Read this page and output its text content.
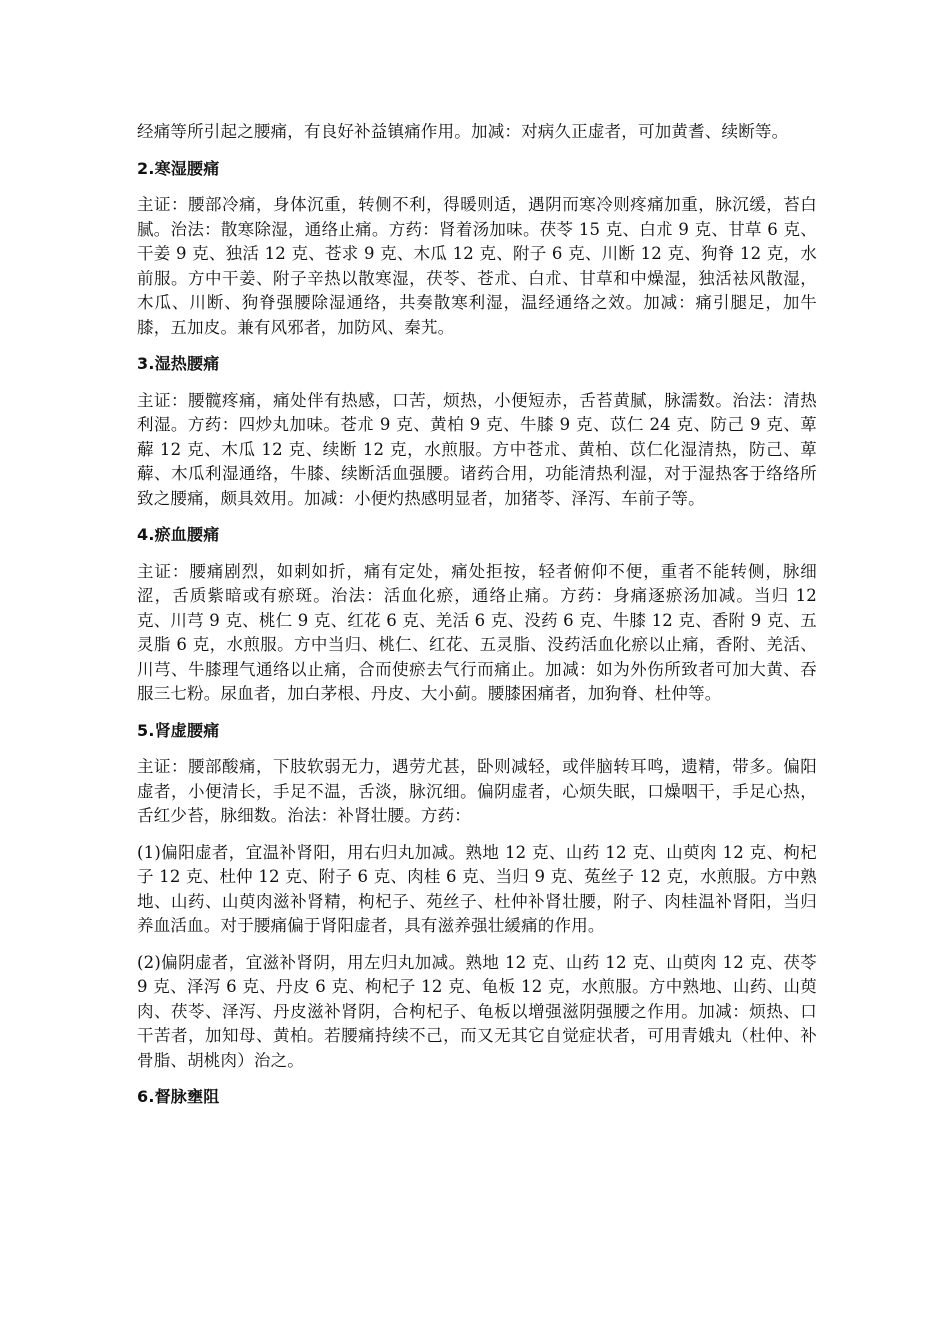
经痛等所引起之腰痛，有良好补益镇痛作用。加减：对病久正虚者，可加黄耆、续断等。

2.寒湿腰痛

主证：腰部冷痛，身体沉重，转侧不利，得暖则适，遇阴而寒冷则疼痛加重，脉沉缓，苔白腻。治法：散寒除湿，通络止痛。方药：肾着汤加味。茯苓 15 克、白朮 9 克、甘草 6 克、干姜 9 克、独活 12 克、苍求 9 克、木瓜 12 克、附子 6 克、川断 12 克、狗脊 12 克，水前服。方中干姜、附子辛热以散寒湿，茯苓、苍朮、白朮、甘草和中燥湿，独活袪风散湿，木瓜、川断、狗脊强腰除湿通络，共奏散寒利湿，温经通络之效。加减：痛引腿足，加牛膝，五加皮。兼有风邪者，加防风、秦艽。

3.湿热腰痛

主证：腰髋疼痛，痛处伴有热感，口苦，烦热，小便短赤，舌苔黄腻，脉濡数。治法：清热利湿。方药：四炒丸加味。苍朮 9 克、黄柏 9 克、牛膝 9 克、苡仁 24 克、防己 9 克、萆薢 12 克、木瓜 12 克、续断 12 克，水煎服。方中苍朮、黄柏、苡仁化湿清热，防己、萆薢、木瓜利湿通络，牛膝、续断活血强腰。诸药合用，功能清热利湿，对于湿热客于络络所致之腰痛，颇具效用。加减：小便灼热感明显者，加猪苓、泽泻、车前子等。

4.瘀血腰痛

主证：腰痛剧烈，如刺如折，痛有定处，痛处拒按，轻者俯仰不便，重者不能转侧，脉细涩，舌质紫暗或有瘀斑。治法：活血化瘀，通络止痛。方药：身痛逐瘀汤加减。当归 12 克、川芎 9 克、桃仁 9 克、红花 6 克、羌活 6 克、没药 6 克、牛膝 12 克、香附 9 克、五灵脂 6 克，水煎服。方中当归、桃仁、红花、五灵脂、没药活血化瘀以止痛，香附、羌活、川芎、牛膝理气通络以止痛，合而使瘀去气行而痛止。加减：如为外伤所致者可加大黄、吞服三七粉。尿血者，加白茅根、丹皮、大小蓟。腰膝困痛者，加狗脊、杜仲等。

5.肾虚腰痛

主证：腰部酸痛，下肢软弱无力，遇劳尤甚，卧则减轻，或伴脑转耳鸣，遗精，带多。偏阳虚者，小便清长，手足不温，舌淡，脉沉细。偏阴虚者，心烦失眠，口燥咽干，手足心热，舌红少苔，脉细数。治法：补肾壮腰。方药：

(1)偏阳虚者，宜温补肾阳，用右归丸加减。熟地 12 克、山药 12 克、山萸肉 12 克、枸杞子 12 克、杜仲 12 克、附子 6 克、肉桂 6 克、当归 9 克、菟丝子 12 克，水煎服。方中熟地、山药、山萸肉滋补肾精，枸杞子、苑丝子、杜仲补肾壮腰，附子、肉桂温补肾阳，当归养血活血。对于腰痛偏于肾阳虚者，具有滋养强壮緩痛的作用。

(2)偏阴虚者，宜滋补肾阴，用左归丸加减。熟地 12 克、山药 12 克、山萸肉 12 克、茯苓 9 克、泽泻 6 克、丹皮 6 克、枸杞子 12 克、龟板 12 克，水煎服。方中熟地、山药、山萸肉、茯苓、泽泻、丹皮滋补肾阴，合枸杞子、龟板以增强滋阴强腰之作用。加减：烦热、口干苦者，加知母、黄柏。若腰痛持续不己，而又无其它自觉症状者，可用青娥丸（杜仲、补骨脂、胡桃肉）治之。

6.督脉壅阻
